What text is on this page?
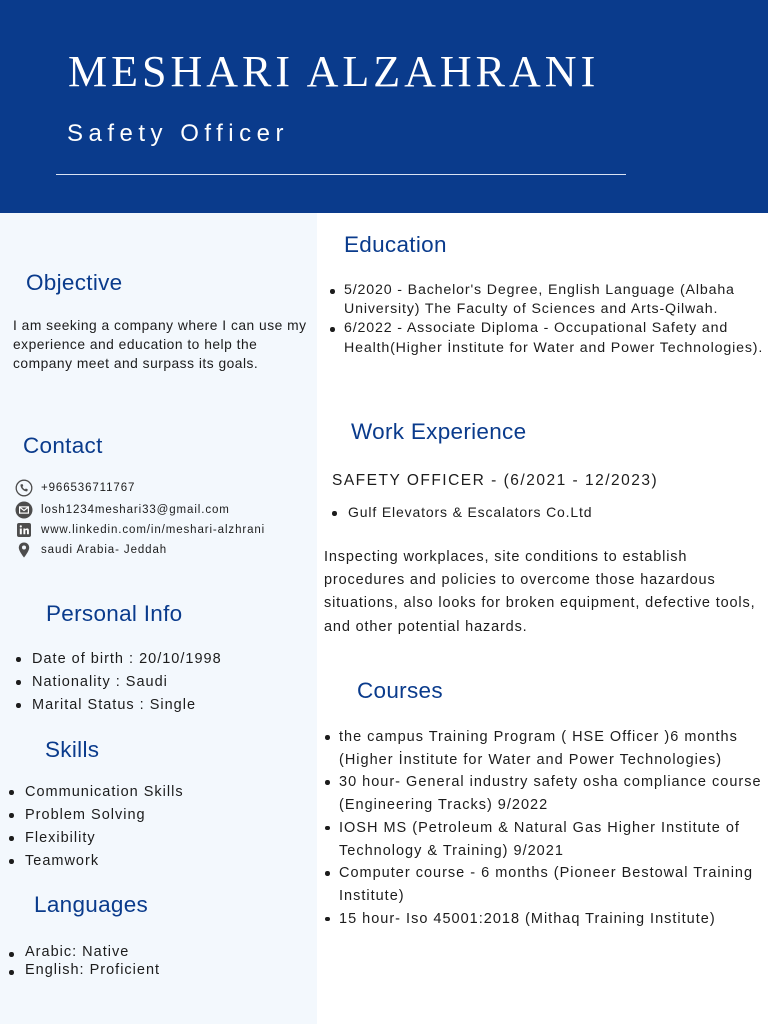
MESHARI ALZAHRANI
Safety Officer
Objective
I am seeking a company where I can use my experience and education to help the company meet and surpass its goals.
Contact
+966536711767
losh1234meshari33@gmail.com
www.linkedin.com/in/meshari-alzhrani
saudi Arabia- Jeddah
Personal Info
Date of birth : 20/10/1998
Nationality : Saudi
Marital Status : Single
Skills
Communication Skills
Problem Solving
Flexibility
Teamwork
Languages
Arabic: Native
English: Proficient
Education
5/2020 - Bachelor's Degree, English Language (Albaha University) The Faculty of Sciences and Arts-Qilwah.
6/2022 - Associate Diploma - Occupational Safety and Health(Higher İnstitute for Water and Power Technologies).
Work Experience
SAFETY OFFICER - (6/2021 - 12/2023)
Gulf Elevators & Escalators Co.Ltd
Inspecting workplaces, site conditions to establish procedures and policies to overcome those hazardous situations, also looks for broken equipment, defective tools, and other potential hazards.
Courses
the campus Training Program ( HSE Officer )6 months (Higher İnstitute for Water and Power Technologies)
30 hour- General industry safety osha compliance course (Engineering Tracks) 9/2022
IOSH MS (Petroleum & Natural Gas Higher Institute of Technology & Training) 9/2021
Computer course - 6 months (Pioneer Bestowal Training Institute)
15 hour- Iso 45001:2018 (Mithaq Training Institute)
